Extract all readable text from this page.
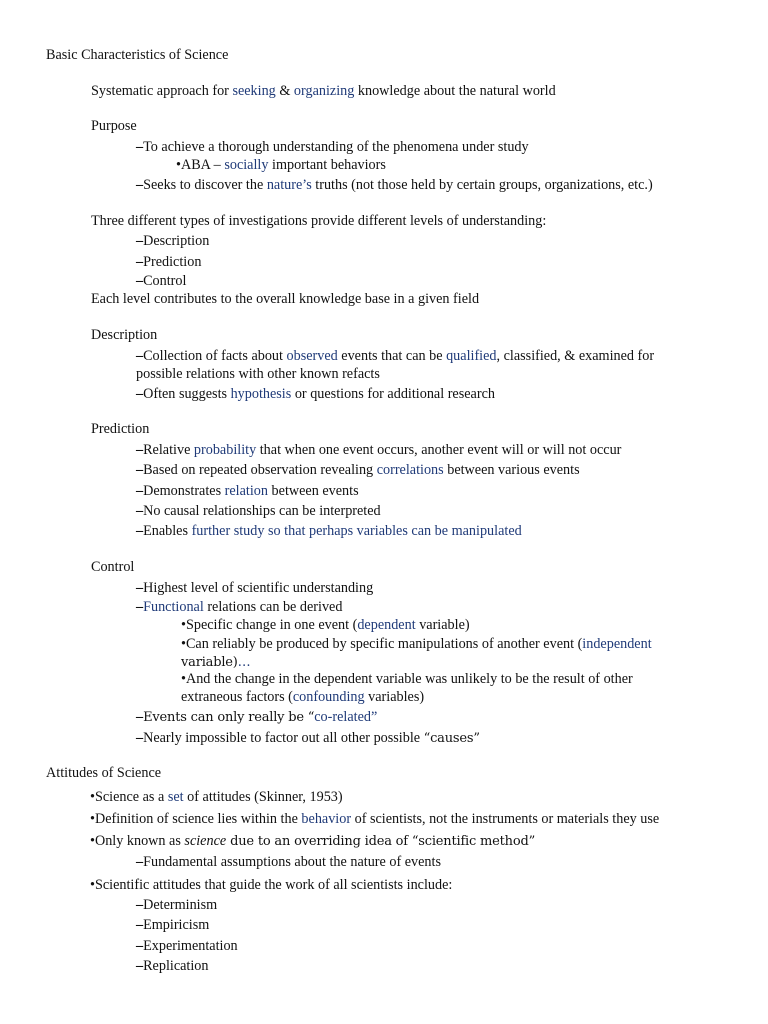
Basic Characteristics of Science
Systematic approach for seeking & organizing knowledge about the natural world
Purpose
–To achieve a thorough understanding of the phenomena under study
•ABA – socially important behaviors
–Seeks to discover the nature’s truths (not those held by certain groups, organizations, etc.)
Three different types of investigations provide different levels of understanding:
–Description
–Prediction
–Control
Each level contributes to the overall knowledge base in a given field
Description
–Collection of facts about observed events that can be qualified, classified, & examined for
possible relations with other known refacts
–Often suggests hypothesis or questions for additional research
Prediction
–Relative probability that when one event occurs, another event will or will not occur
–Based on repeated observation revealing correlations between various events
–Demonstrates relation between events
–No causal relationships can be interpreted
–Enables further study so that perhaps variables can be manipulated
Control
–Highest level of scientific understanding
–Functional relations can be derived
•Specific change in one event (dependent variable)
•Can reliably be produced by specific manipulations of another event (independent
variable)…
•And the change in the dependent variable was unlikely to be the result of other
extraneous factors (confounding variables)
–Events can only really be “co-related”
–Nearly impossible to factor out all other possible “causes”
Attitudes of Science
•Science as a set of attitudes (Skinner, 1953)
•Definition of science lies within the behavior of scientists, not the instruments or materials they use
•Only known as science due to an overriding idea of “scientific method”
–Fundamental assumptions about the nature of events
•Scientific attitudes that guide the work of all scientists include:
–Determinism
–Empiricism
–Experimentation
–Replication
